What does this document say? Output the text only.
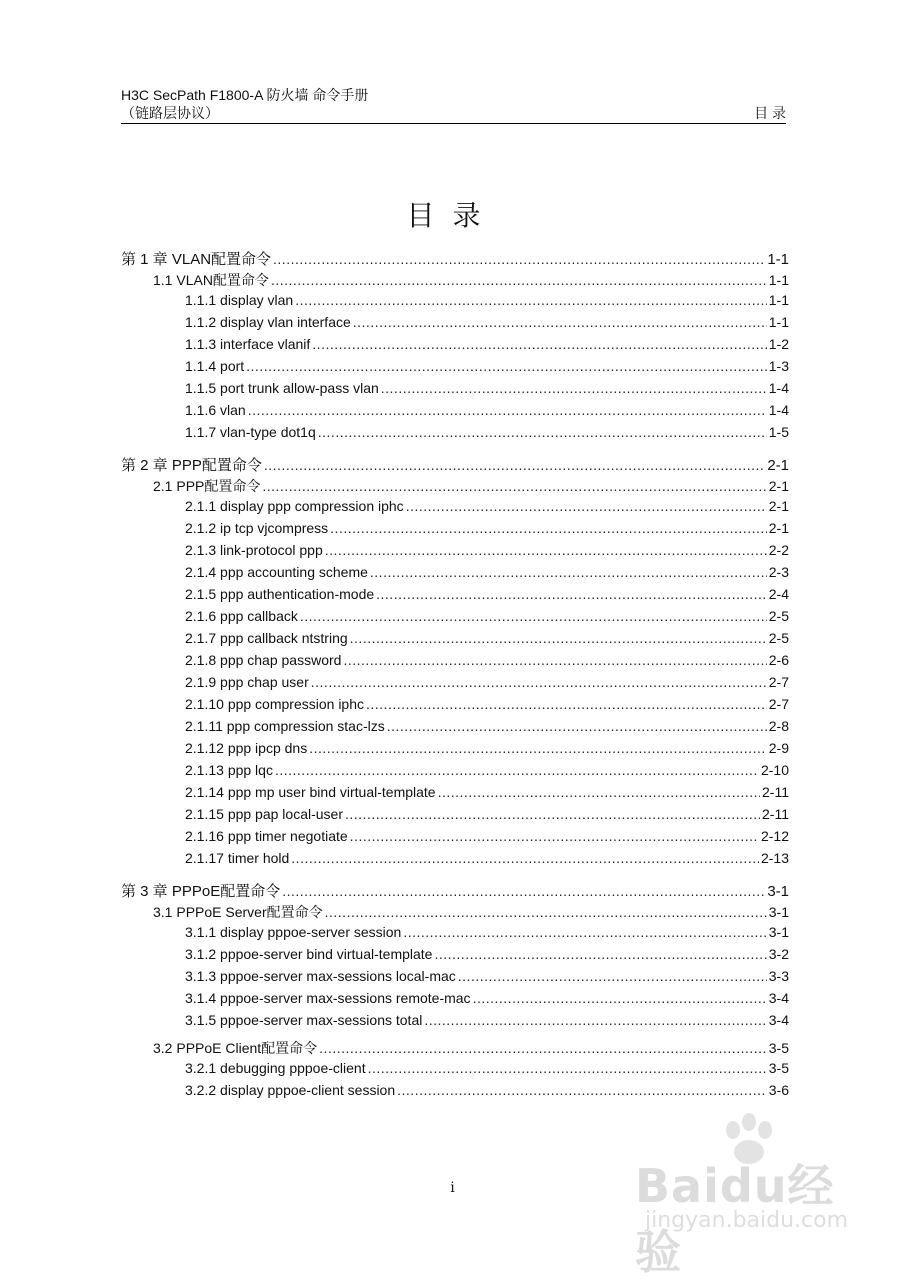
H3C SecPath F1800-A 防火墙 命令手册
（链路层协议）	目 录
目录
第 1 章 VLAN配置命令 .....	1-1
1.1 VLAN配置命令 .....	1-1
1.1.1 display vlan .....	1-1
1.1.2 display vlan interface .....	1-1
1.1.3 interface vlanif .....	1-2
1.1.4 port .....	1-3
1.1.5 port trunk allow-pass vlan .....	1-4
1.1.6 vlan .....	1-4
1.1.7 vlan-type dot1q .....	1-5
第 2 章 PPP配置命令 .....	2-1
2.1 PPP配置命令 .....	2-1
2.1.1 display ppp compression iphc .....	2-1
2.1.2 ip tcp vjcompress .....	2-1
2.1.3 link-protocol ppp .....	2-2
2.1.4 ppp accounting scheme .....	2-3
2.1.5 ppp authentication-mode .....	2-4
2.1.6 ppp callback .....	2-5
2.1.7 ppp callback ntstring .....	2-5
2.1.8 ppp chap password .....	2-6
2.1.9 ppp chap user .....	2-7
2.1.10 ppp compression iphc .....	2-7
2.1.11 ppp compression stac-lzs .....	2-8
2.1.12 ppp ipcp dns .....	2-9
2.1.13 ppp lqc .....	2-10
2.1.14 ppp mp user bind virtual-template .....	2-11
2.1.15 ppp pap local-user .....	2-11
2.1.16 ppp timer negotiate .....	2-12
2.1.17 timer hold .....	2-13
第 3 章 PPPoE配置命令 .....	3-1
3.1 PPPoE Server配置命令 .....	3-1
3.1.1 display pppoe-server session .....	3-1
3.1.2 pppoe-server bind virtual-template .....	3-2
3.1.3 pppoe-server max-sessions local-mac .....	3-3
3.1.4 pppoe-server max-sessions remote-mac .....	3-4
3.1.5 pppoe-server max-sessions total .....	3-4
3.2 PPPoE Client配置命令 .....	3-5
3.2.1 debugging pppoe-client .....	3-5
3.2.2 display pppoe-client session .....	3-6
i	Baidu经验
jingyan.baidu.com
